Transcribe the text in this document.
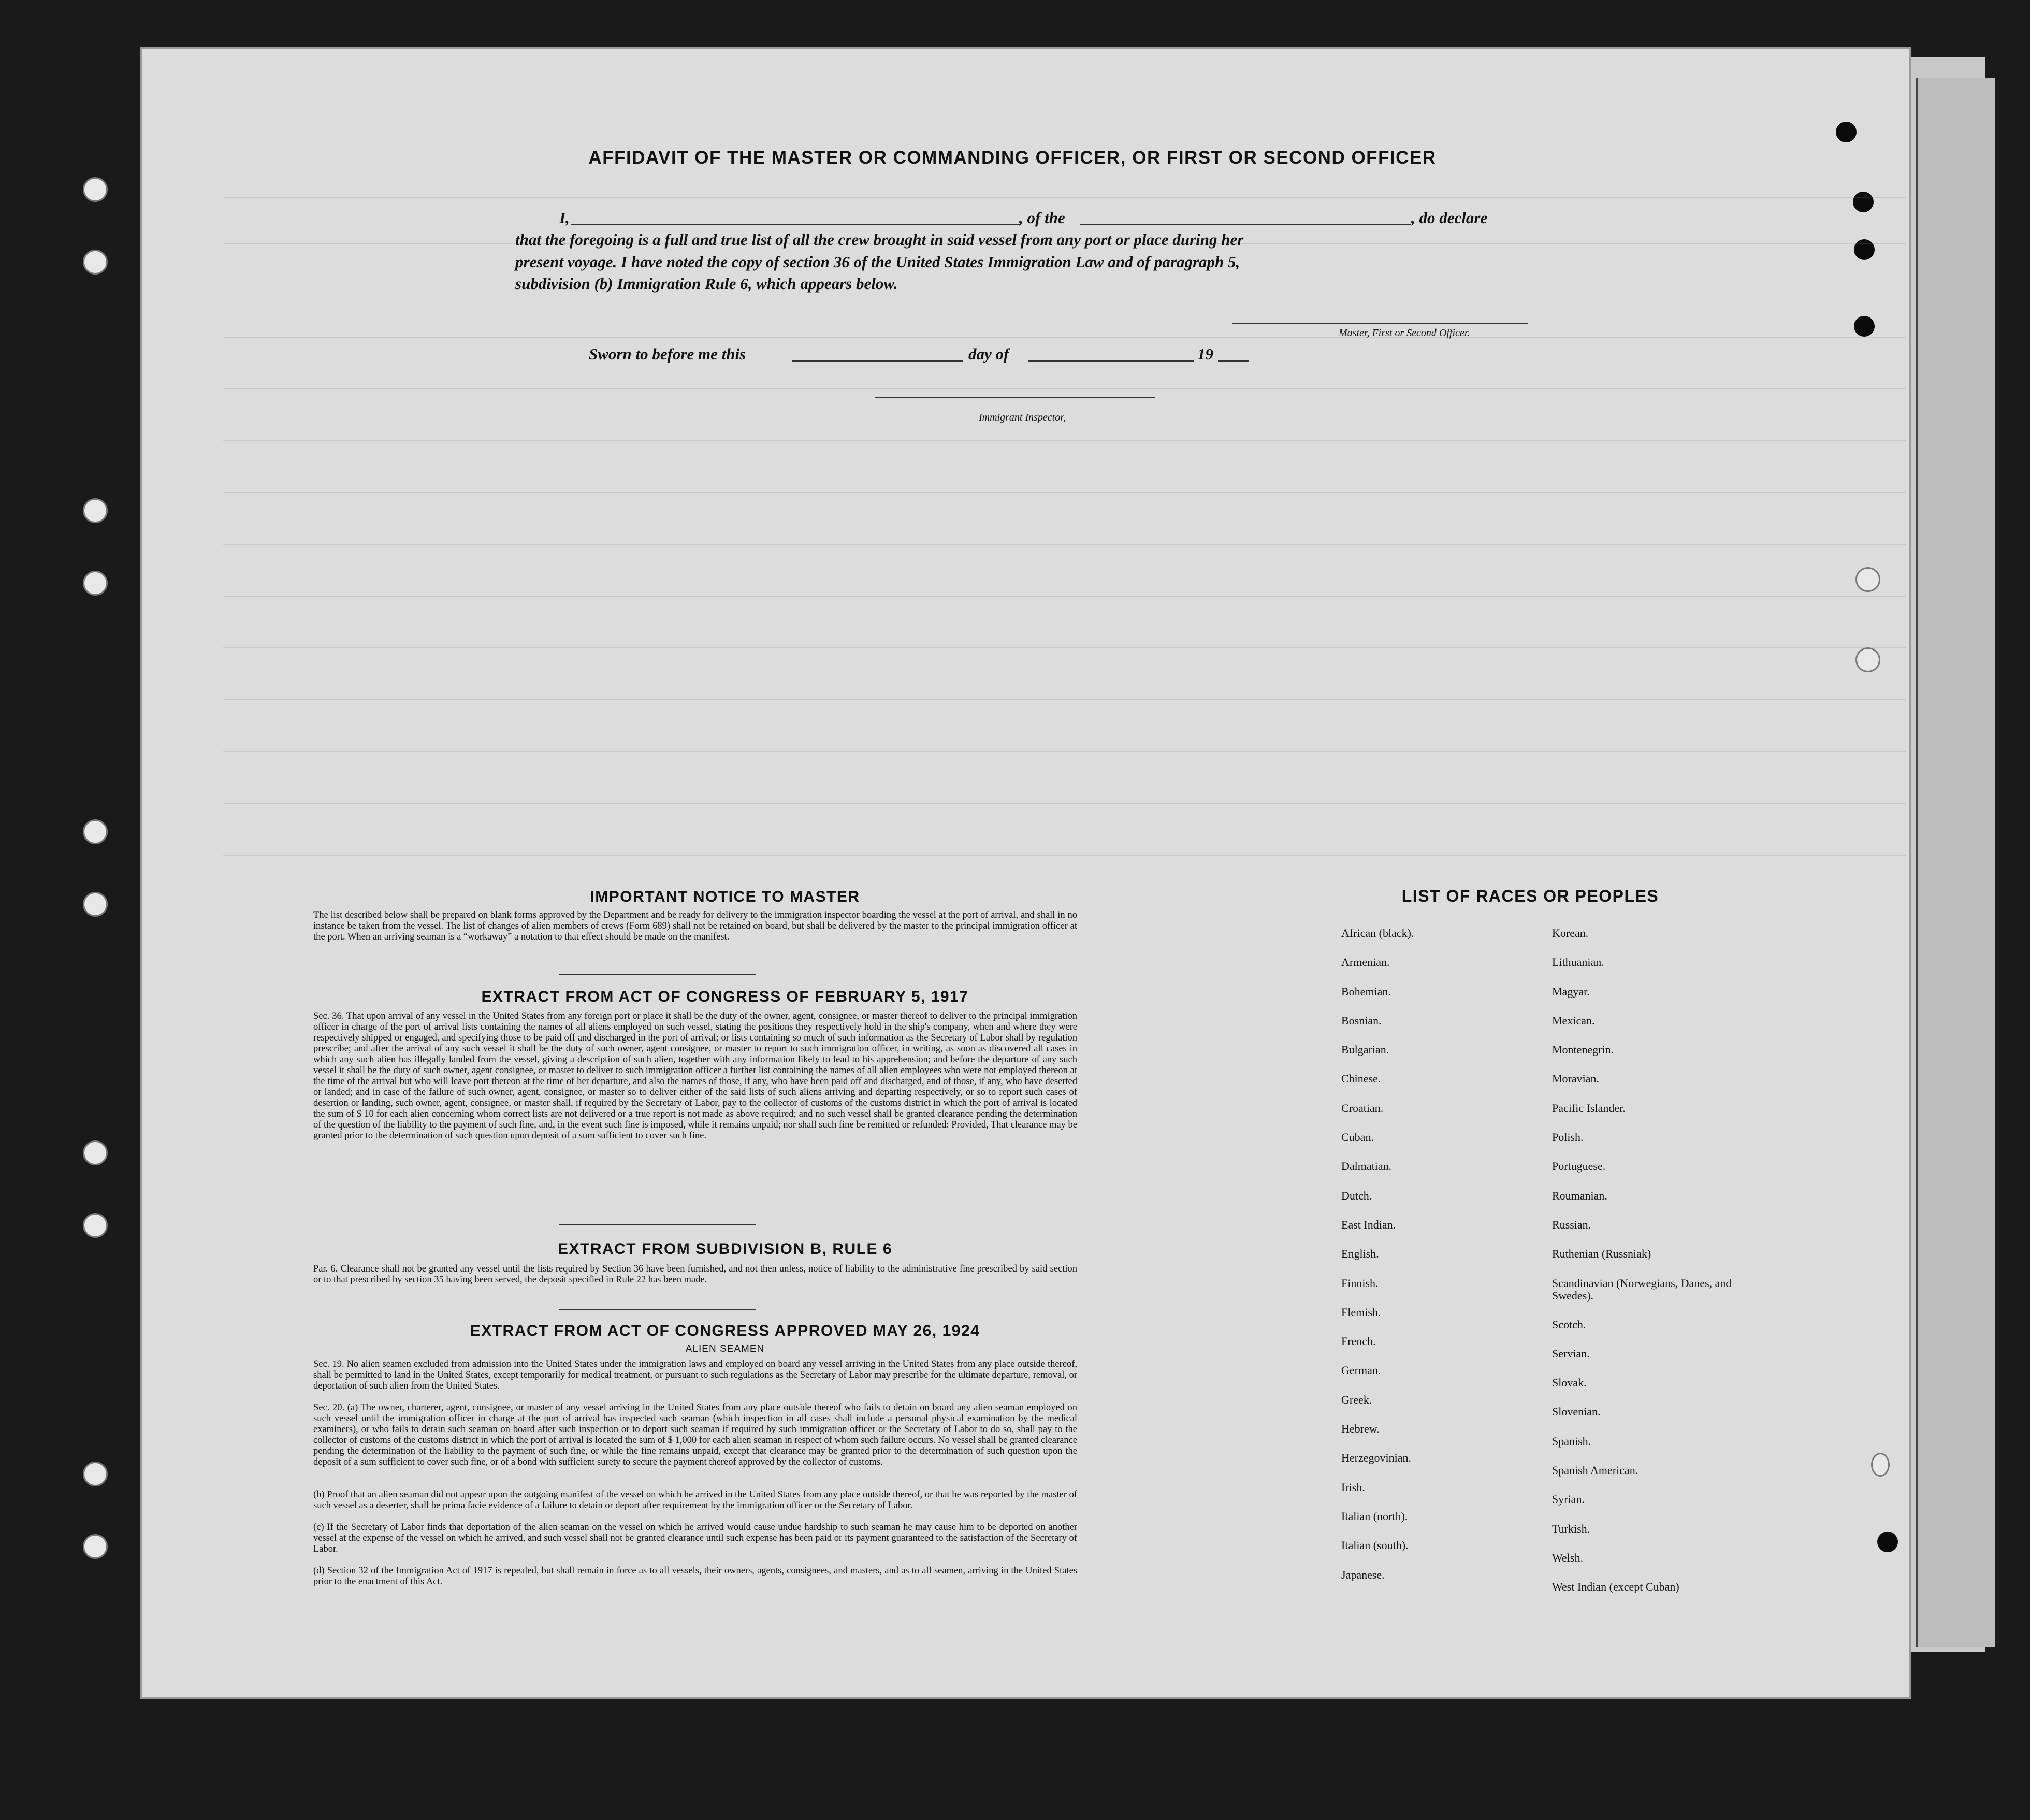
AFFIDAVIT OF THE MASTER OR COMMANDING OFFICER, OR FIRST OR SECOND OFFICER
I,	, of the	, do declare
that the foregoing is a full and true list of all the crew brought in said vessel from any port or place during her
present voyage. I have noted the copy of section 36 of the United States Immigration Law and of paragraph 5,
subdivision (b) Immigration Rule 6, which appears below.
Master, First or Second Officer.
Sworn to before me this	day of	19
Immigrant Inspector,
IMPORTANT NOTICE TO MASTER
The list described below shall be prepared on blank forms approved by the Department and be ready for delivery to the immigration inspector boarding the vessel at the port of arrival, and shall in no instance be taken from the vessel. The list of changes of alien members of crews (Form 689) shall not be retained on board, but shall be delivered by the master to the principal immigration officer at the port. When an arriving seaman is a “workaway” a notation to that effect should be made on the manifest.
EXTRACT FROM ACT OF CONGRESS OF FEBRUARY 5, 1917
Sec. 36. That upon arrival of any vessel in the United States from any foreign port or place it shall be the duty of the owner, agent, consignee, or master thereof to deliver to the principal immigration officer in charge of the port of arrival lists containing the names of all aliens employed on such vessel, stating the positions they respectively hold in the ship's company, when and where they were respectively shipped or engaged, and specifying those to be paid off and discharged in the port of arrival; or lists containing so much of such information as the Secretary of Labor shall by regulation prescribe; and after the arrival of any such vessel it shall be the duty of such owner, agent consignee, or master to report to such immigration officer, in writing, as soon as discovered all cases in which any such alien has illegally landed from the vessel, giving a description of such alien, together with any information likely to lead to his apprehension; and before the departure of any such vessel it shall be the duty of such owner, agent consignee, or master to deliver to such immigration officer a further list containing the names of all alien employees who were not employed thereon at the time of the arrival but who will leave port thereon at the time of her departure, and also the names of those, if any, who have been paid off and discharged, and of those, if any, who have deserted or landed; and in case of the failure of such owner, agent, consignee, or master so to deliver either of the said lists of such aliens arriving and departing respectively, or so to report such cases of desertion or landing, such owner, agent, consignee, or master shall, if required by the Secretary of Labor, pay to the collector of customs of the customs district in which the port of arrival is located the sum of $ 10 for each alien concerning whom correct lists are not delivered or a true report is not made as above required; and no such vessel shall be granted clearance pending the determination of the question of the liability to the payment of such fine, and, in the event such fine is imposed, while it remains unpaid; nor shall such fine be remitted or refunded: Provided, That clearance may be granted prior to the determination of such question upon deposit of a sum sufficient to cover such fine.
EXTRACT FROM SUBDIVISION B, RULE 6
Par. 6. Clearance shall not be granted any vessel until the lists required by Section 36 have been furnished, and not then unless, notice of liability to the administrative fine prescribed by said section or to that prescribed by section 35 having been served, the deposit specified in Rule 22 has been made.
EXTRACT FROM ACT OF CONGRESS APPROVED MAY 26, 1924
ALIEN SEAMEN
Sec. 19. No alien seamen excluded from admission into the United States under the immigration laws and employed on board any vessel arriving in the United States from any place outside thereof, shall be permitted to land in the United States, except temporarily for medical treatment, or pursuant to such regulations as the Secretary of Labor may prescribe for the ultimate departure, removal, or deportation of such alien from the United States.
Sec. 20. (a) The owner, charterer, agent, consignee, or master of any vessel arriving in the United States from any place outside thereof who fails to detain on board any alien seaman employed on such vessel until the immigration officer in charge at the port of arrival has inspected such seaman (which inspection in all cases shall include a personal physical examination by the medical examiners), or who fails to detain such seaman on board after such inspection or to deport such seaman if required by such immigration officer or the Secretary of Labor to do so, shall pay to the collector of customs of the customs district in which the port of arrival is located the sum of $ 1,000 for each alien seaman in respect of whom such failure occurs. No vessel shall be granted clearance pending the determination of the liability to the payment of such fine, or while the fine remains unpaid, except that clearance may be granted prior to the determination of such question upon the deposit of a sum sufficient to cover such fine, or of a bond with sufficient surety to secure the payment thereof approved by the collector of customs.
(b) Proof that an alien seaman did not appear upon the outgoing manifest of the vessel on which he arrived in the United States from any place outside thereof, or that he was reported by the master of such vessel as a deserter, shall be prima facie evidence of a failure to detain or deport after requirement by the immigration officer or the Secretary of Labor.
(c) If the Secretary of Labor finds that deportation of the alien seaman on the vessel on which he arrived would cause undue hardship to such seaman he may cause him to be deported on another vessel at the expense of the vessel on which he arrived, and such vessel shall not be granted clearance until such expense has been paid or its payment guaranteed to the satisfaction of the Secretary of Labor.
(d) Section 32 of the Immigration Act of 1917 is repealed, but shall remain in force as to all vessels, their owners, agents, consignees, and masters, and as to all seamen, arriving in the United States prior to the enactment of this Act.
LIST OF RACES OR PEOPLES
African (black).
Armenian.
Bohemian.
Bosnian.
Bulgarian.
Chinese.
Croatian.
Cuban.
Dalmatian.
Dutch.
East Indian.
English.
Finnish.
Flemish.
French.
German.
Greek.
Hebrew.
Herzegovinian.
Irish.
Italian (north).
Italian (south).
Japanese.
Korean.
Lithuanian.
Magyar.
Mexican.
Montenegrin.
Moravian.
Pacific Islander.
Polish.
Portuguese.
Roumanian.
Russian.
Ruthenian (Russniak)
Scandinavian (Norwegians, Danes, and Swedes).
Scotch.
Servian.
Slovak.
Slovenian.
Spanish.
Spanish American.
Syrian.
Turkish.
Welsh.
West Indian (except Cuban)
